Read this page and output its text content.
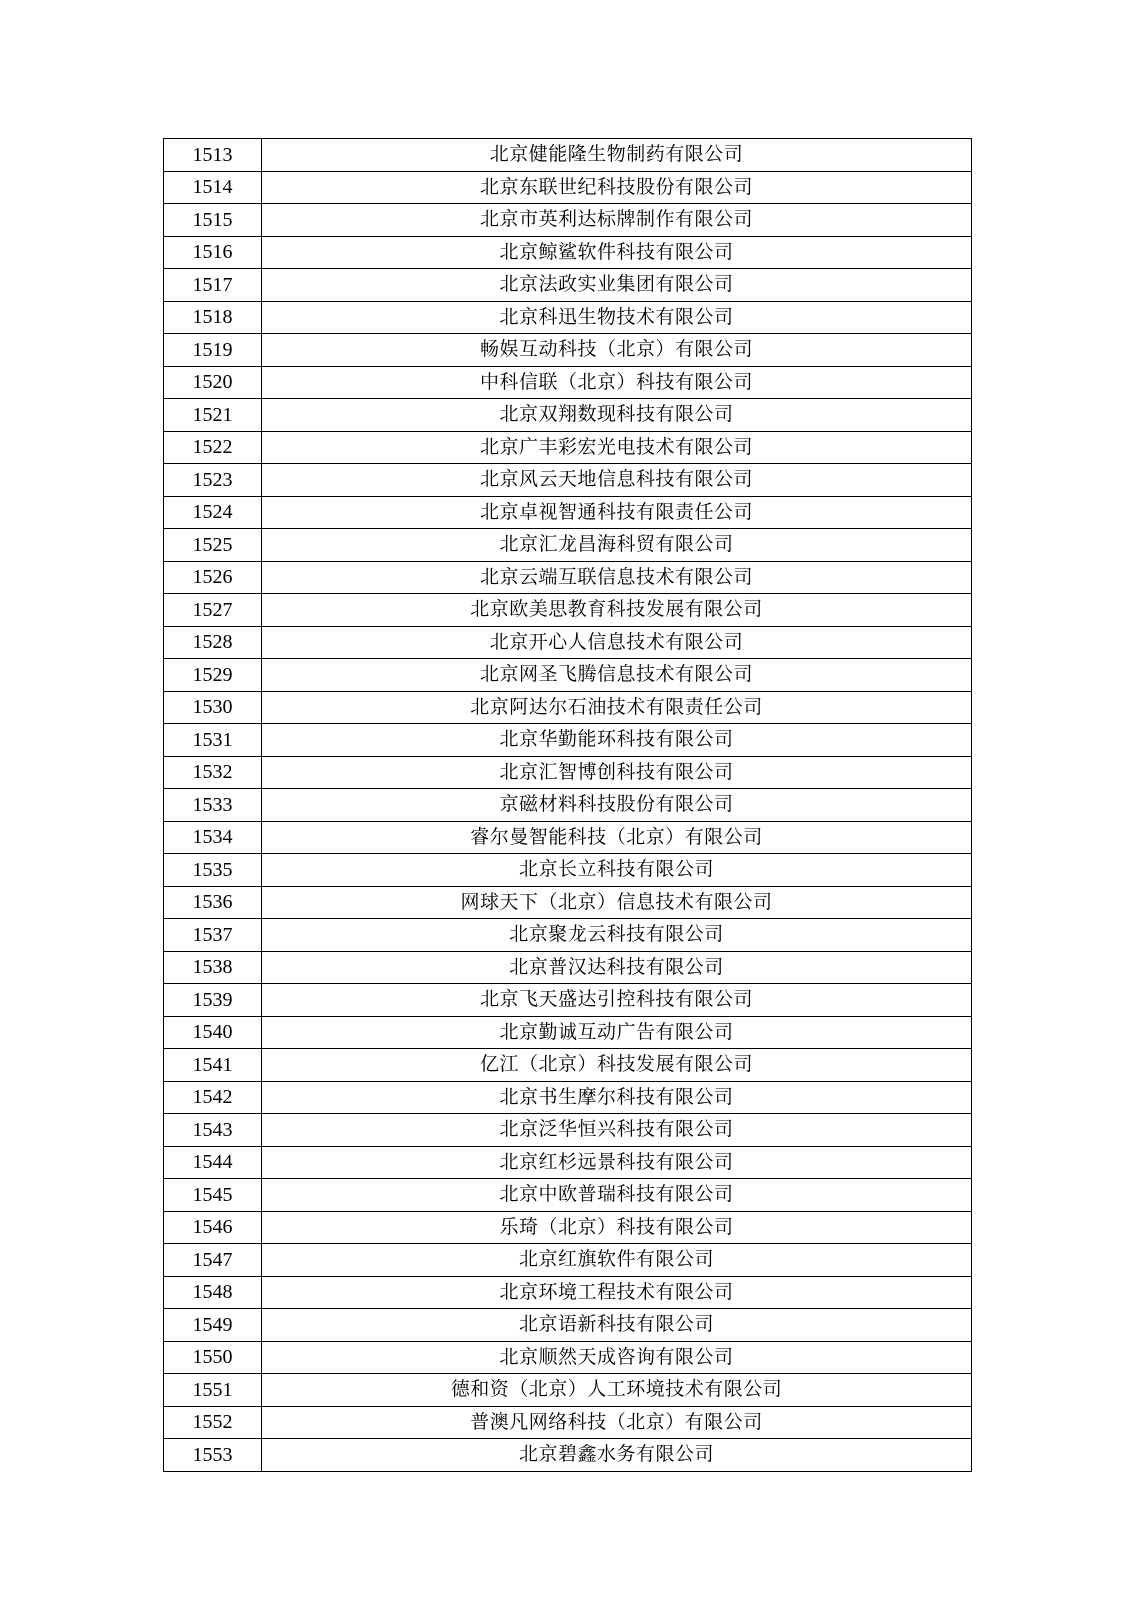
1513	北京健能隆生物制药有限公司
1514	北京东联世纪科技股份有限公司
1515	北京市英利达标牌制作有限公司
1516	北京鲸鲨软件科技有限公司
1517	北京法政实业集团有限公司
1518	北京科迅生物技术有限公司
1519	畅娱互动科技（北京）有限公司
1520	中科信联（北京）科技有限公司
1521	北京双翔数现科技有限公司
1522	北京广丰彩宏光电技术有限公司
1523	北京风云天地信息科技有限公司
1524	北京卓视智通科技有限责任公司
1525	北京汇龙昌海科贸有限公司
1526	北京云端互联信息技术有限公司
1527	北京欧美思教育科技发展有限公司
1528	北京开心人信息技术有限公司
1529	北京网圣飞腾信息技术有限公司
1530	北京阿达尔石油技术有限责任公司
1531	北京华勤能环科技有限公司
1532	北京汇智博创科技有限公司
1533	京磁材料科技股份有限公司
1534	睿尔曼智能科技（北京）有限公司
1535	北京长立科技有限公司
1536	网球天下（北京）信息技术有限公司
1537	北京聚龙云科技有限公司
1538	北京普汉达科技有限公司
1539	北京飞天盛达引控科技有限公司
1540	北京勤诚互动广告有限公司
1541	亿江（北京）科技发展有限公司
1542	北京书生摩尔科技有限公司
1543	北京泛华恒兴科技有限公司
1544	北京红杉远景科技有限公司
1545	北京中欧普瑞科技有限公司
1546	乐琦（北京）科技有限公司
1547	北京红旗软件有限公司
1548	北京环境工程技术有限公司
1549	北京语新科技有限公司
1550	北京顺然天成咨询有限公司
1551	德和资（北京）人工环境技术有限公司
1552	普澳凡网络科技（北京）有限公司
1553	北京碧鑫水务有限公司
